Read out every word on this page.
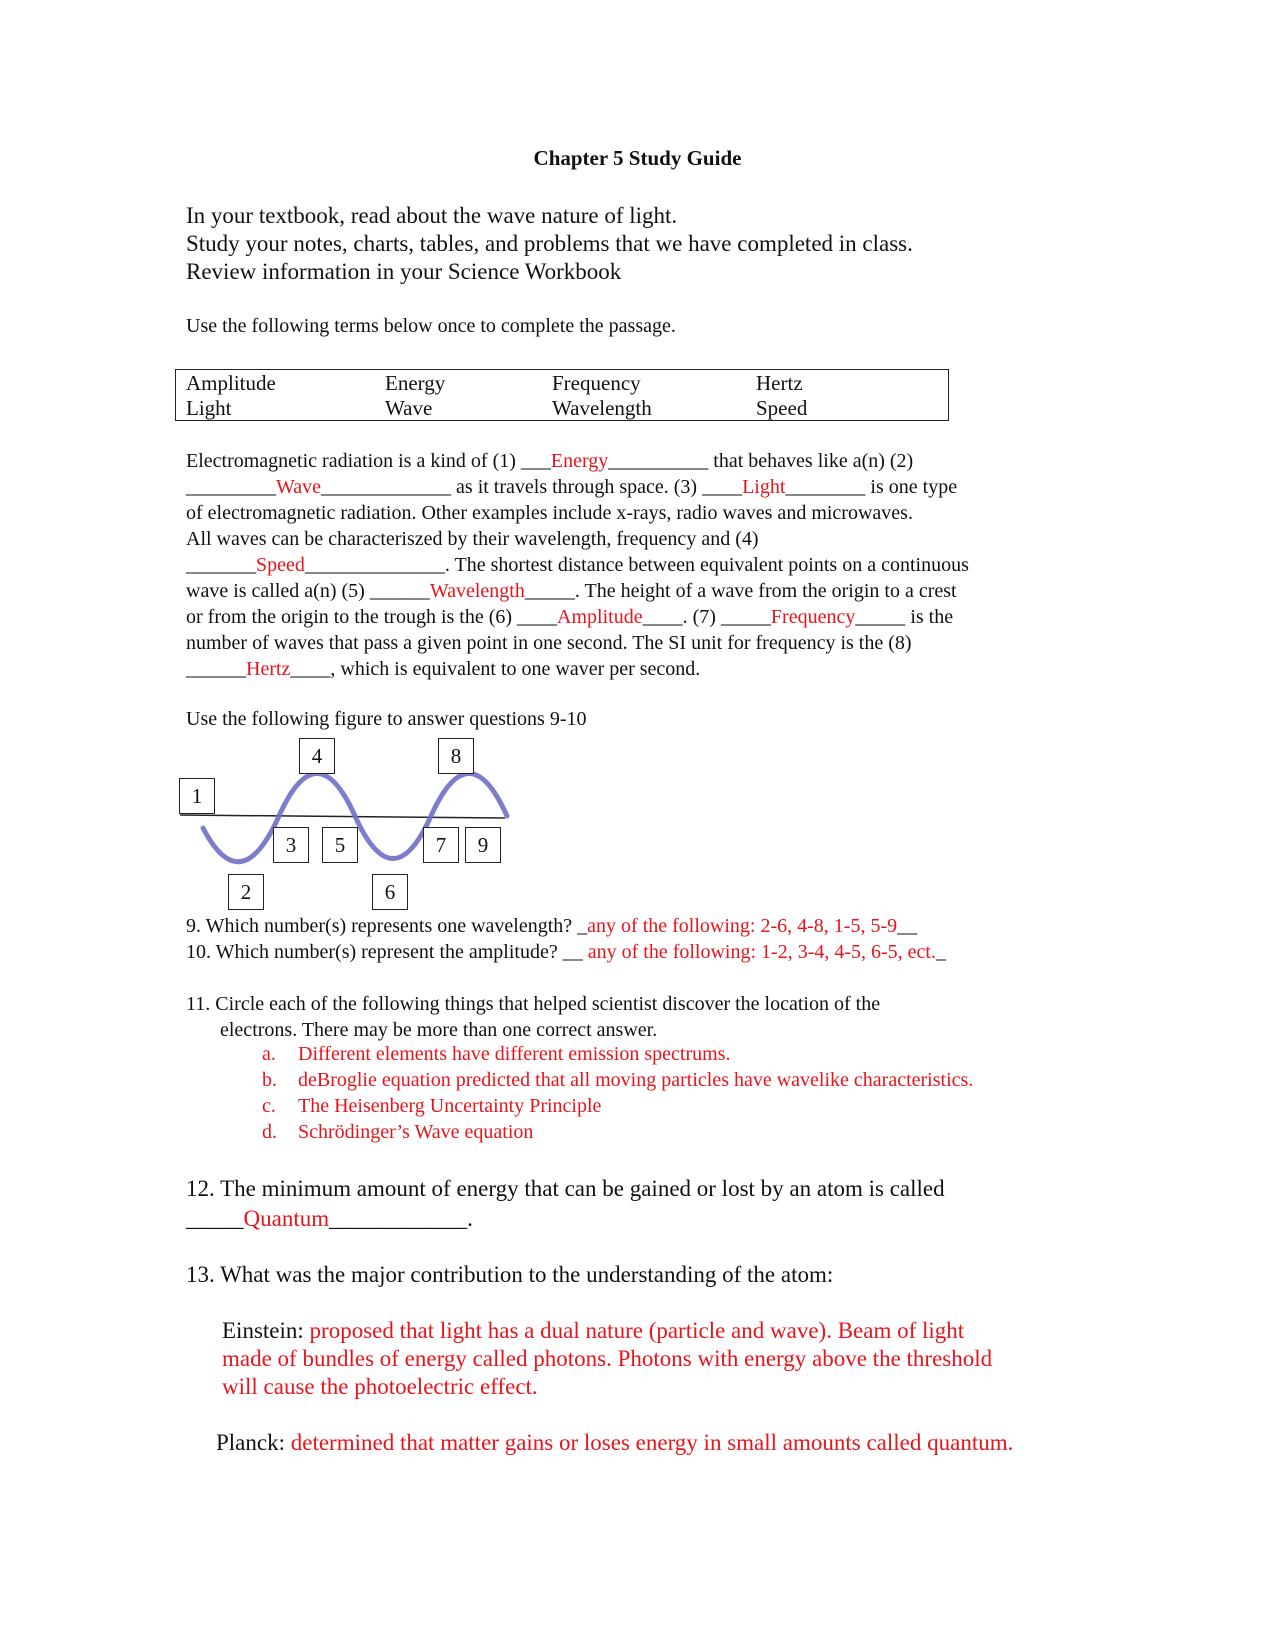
Chapter 5 Study Guide
In your textbook, read about the wave nature of light.
Study your notes, charts, tables, and problems that we have completed in class.
Review information in your Science Workbook
Use the following terms below once to complete the passage.
Amplitude	Energy	Frequency	Hertz
Light	Wave	Wavelength	Speed
Electromagnetic radiation is a kind of (1) ___Energy__________ that behaves like a(n) (2)
_________Wave_____________ as it travels through space. (3) ____Light________ is one type
of electromagnetic radiation. Other examples include x-rays, radio waves and microwaves.
All waves can be characteriszed by their wavelength, frequency and (4)
_______Speed______________. The shortest distance between equivalent points on a continuous
wave is called a(n) (5) ______Wavelength_____. The height of a wave from the origin to a crest
or from the origin to the trough is the (6) ____Amplitude____. (7) _____Frequency_____ is the
number of waves that pass a given point in one second. The SI unit for frequency is the (8)
______Hertz____, which is equivalent to one waver per second.
Use the following figure to answer questions 9-10
1
2
3
4
5
6
7
8
9
9. Which number(s) represents one wavelength? _any of the following: 2-6, 4-8, 1-5, 5-9__
10. Which number(s) represent the amplitude? __ any of the following: 1-2, 3-4, 4-5, 6-5, ect._
11. Circle each of the following things that helped scientist discover the location of the
electrons. There may be more than one correct answer.
a. Different elements have different emission spectrums.
b. deBroglie equation predicted that all moving particles have wavelike characteristics.
c. The Heisenberg Uncertainty Principle
d. Schrödinger’s Wave equation
12. The minimum amount of energy that can be gained or lost by an atom is called
_____Quantum____________.
13. What was the major contribution to the understanding of the atom:
Einstein: proposed that light has a dual nature (particle and wave). Beam of light
made of bundles of energy called photons. Photons with energy above the threshold
will cause the photoelectric effect.
Planck: determined that matter gains or loses energy in small amounts called quantum.
